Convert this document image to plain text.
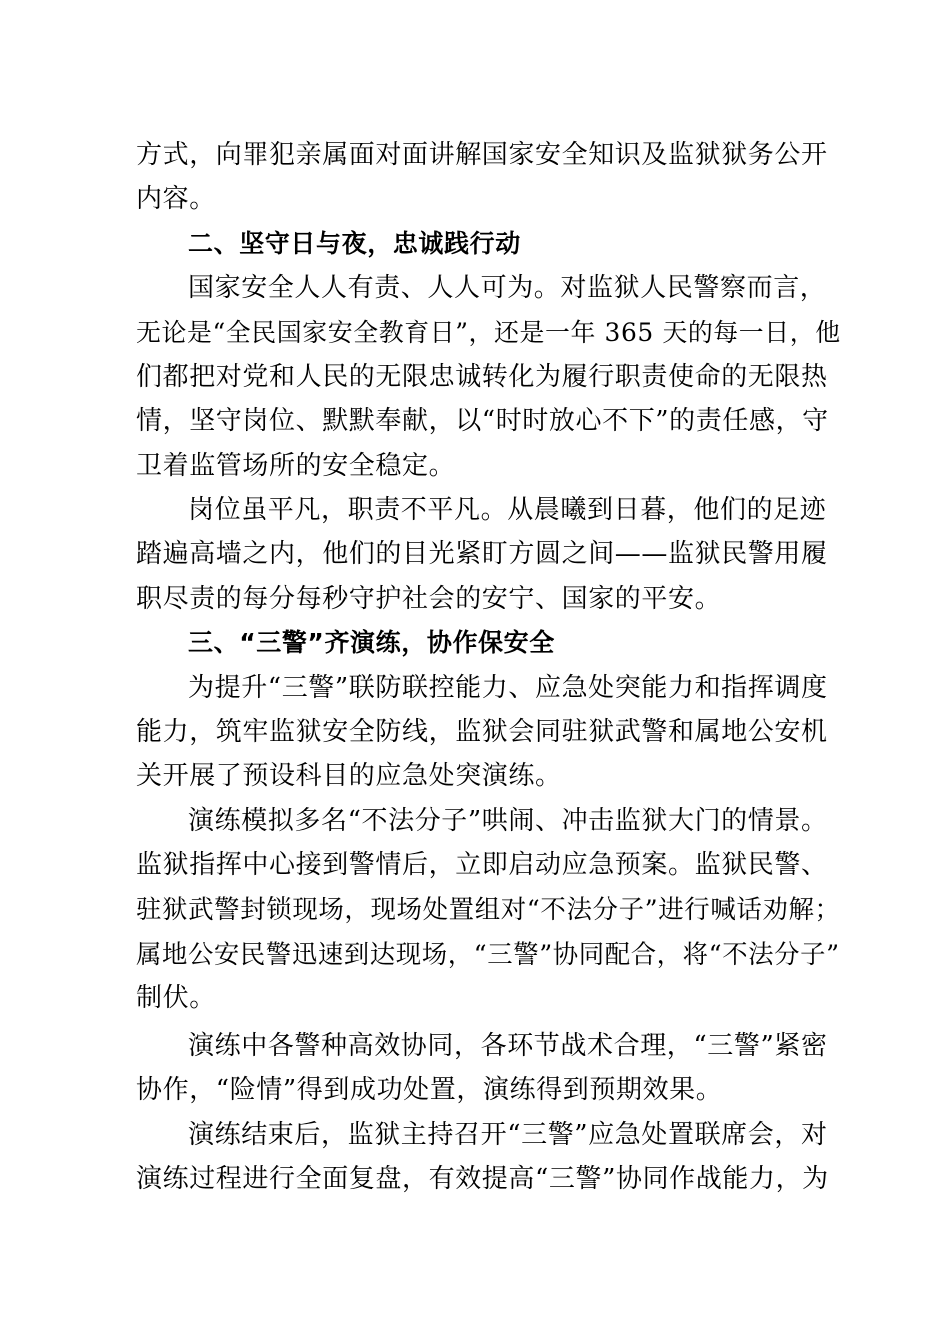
方式，向罪犯亲属面对面讲解国家安全知识及监狱狱务公开
内容。
二、坚守日与夜，忠诚践行动
国家安全人人有责、人人可为。对监狱人民警察而言，
无论是“全民国家安全教育日”，还是一年 365 天的每一日，他
们都把对党和人民的无限忠诚转化为履行职责使命的无限热
情，坚守岗位、默默奉献，以“时时放心不下”的责任感，守
卫着监管场所的安全稳定。
岗位虽平凡，职责不平凡。从晨曦到日暮，他们的足迹
踏遍高墙之内，他们的目光紧盯方圆之间——监狱民警用履
职尽责的每分每秒守护社会的安宁、国家的平安。
三、“三警”齐演练，协作保安全
为提升“三警”联防联控能力、应急处突能力和指挥调度
能力，筑牢监狱安全防线，监狱会同驻狱武警和属地公安机
关开展了预设科目的应急处突演练。
演练模拟多名“不法分子”哄闹、冲击监狱大门的情景。
监狱指挥中心接到警情后，立即启动应急预案。监狱民警、
驻狱武警封锁现场，现场处置组对“不法分子”进行喊话劝解；
属地公安民警迅速到达现场，“三警”协同配合，将“不法分子”
制伏。
演练中各警种高效协同，各环节战术合理，“三警”紧密
协作，“险情”得到成功处置，演练得到预期效果。
演练结束后，监狱主持召开“三警”应急处置联席会，对
演练过程进行全面复盘，有效提高“三警”协同作战能力，为
